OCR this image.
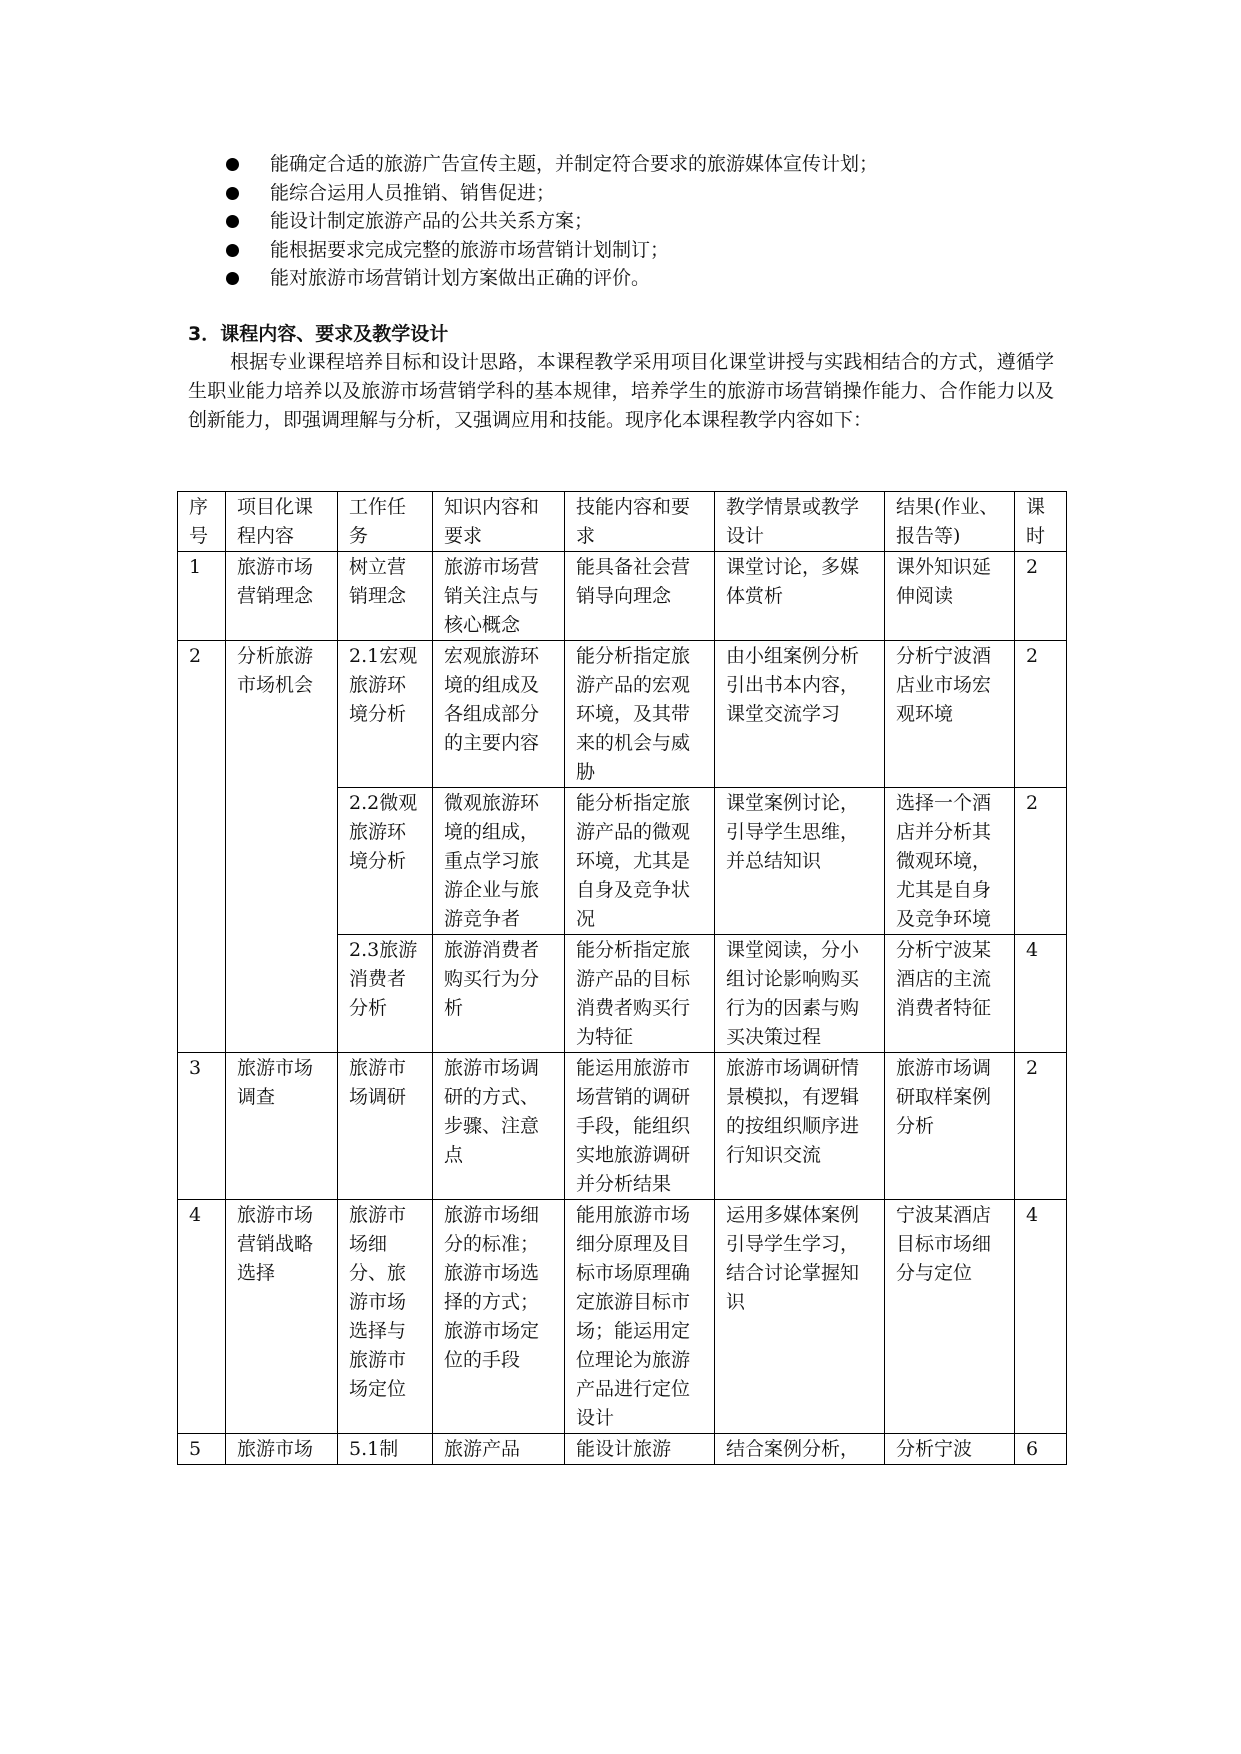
能确定合适的旅游广告宣传主题，并制定符合要求的旅游媒体宣传计划；
能综合运用人员推销、销售促进；
能设计制定旅游产品的公共关系方案；
能根据要求完成完整的旅游市场营销计划制订；
能对旅游市场营销计划方案做出正确的评价。
3．课程内容、要求及教学设计

根据专业课程培养目标和设计思路，本课程教学采用项目化课堂讲授与实践相结合的方式，遵循学生职业能力培养以及旅游市场营销学科的基本规律，培养学生的旅游市场营销操作能力、合作能力以及创新能力，即强调理解与分析，又强调应用和技能。现序化本课程教学内容如下：

序号	项目化课程内容	工作任务	知识内容和要求	技能内容和要求	教学情景或教学设计	结果(作业、报告等)	课时
1	旅游市场营销理念	树立营销理念	旅游市场营销关注点与核心概念	能具备社会营销导向理念	课堂讨论，多媒体赏析	课外知识延伸阅读	2
2	分析旅游市场机会	2.1宏观旅游环境分析	宏观旅游环境的组成及各组成部分的主要内容	能分析指定旅游产品的宏观环境，及其带来的机会与威胁	由小组案例分析引出书本内容，课堂交流学习	分析宁波酒店业市场宏观环境	2
		2.2微观旅游环境分析	微观旅游环境的组成，重点学习旅游企业与旅游竞争者	能分析指定旅游产品的微观环境，尤其是自身及竞争状况	课堂案例讨论，引导学生思维，并总结知识	选择一个酒店并分析其微观环境，尤其是自身及竞争环境	2
		2.3旅游消费者分析	旅游消费者购买行为分析	能分析指定旅游产品的目标消费者购买行为特征	课堂阅读，分小组讨论影响购买行为的因素与购买决策过程	分析宁波某酒店的主流消费者特征	4
3	旅游市场调查	旅游市场调研	旅游市场调研的方式、步骤、注意点	能运用旅游市场营销的调研手段，能组织实地旅游调研并分析结果	旅游市场调研情景模拟，有逻辑的按组织顺序进行知识交流	旅游市场调研取样案例分析	2
4	旅游市场营销战略选择	旅游市场细分、旅游市场选择与旅游市场定位	旅游市场细分的标准；旅游市场选择的方式；旅游市场定位的手段	能用旅游市场细分原理及目标市场原理确定旅游目标市场；能运用定位理论为旅游产品进行定位设计	运用多媒体案例引导学生学习，结合讨论掌握知识	宁波某酒店目标市场细分与定位	4
5	旅游市场	5.1制	旅游产品	能设计旅游	结合案例分析，	分析宁波	6
